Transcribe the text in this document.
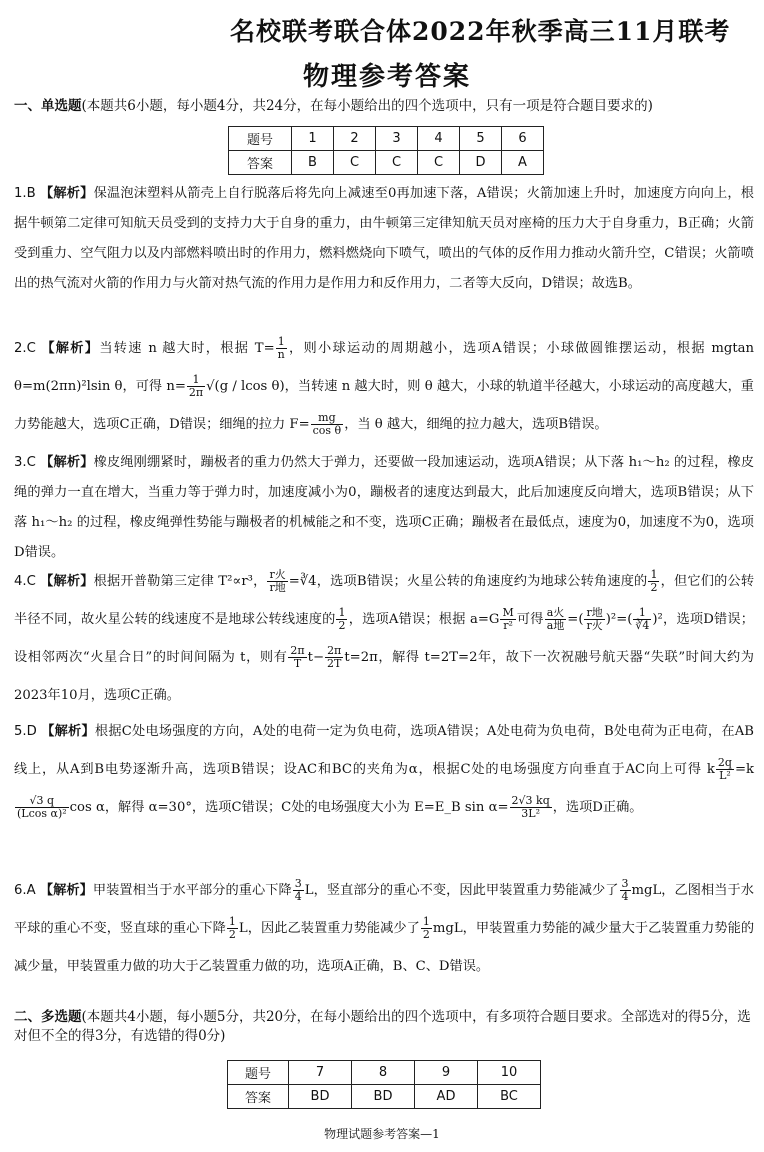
名校联考联合体2022年秋季高三11月联考
物理参考答案
一、单选题(本题共6小题，每小题4分，共24分，在每小题给出的四个选项中，只有一项是符合题目要求的)
题号	1	2	3	4	5	6
答案	B	C	C	C	D	A
1.B 【解析】保温泡沫塑料从箭壳上自行脱落后将先向上减速至0再加速下落，A错误；火箭加速上升时，加速度方向向上，根据牛顿第二定律可知航天员受到的支持力大于自身的重力，由牛顿第三定律知航天员对座椅的压力大于自身重力，B正确；火箭受到重力、空气阻力以及内部燃料喷出时的作用力，燃料燃烧向下喷气，喷出的气体的反作用力推动火箭升空，C错误；火箭喷出的热气流对火箭的作用力与火箭对热气流的作用力是作用力和反作用力，二者等大反向，D错误；故选B。
2.C 【解析】当转速 n 越大时，根据 $T= \frac{1}{n}$ ，则小球运动的周期越小，选项A错误；小球做圆锥摆运动，根据 mgtan θ=m(2πn)²lsin θ，可得 $n= \frac{1}{2\pi} √(g / lcos$ θ)，当转速 n 越大时，则 θ 越大，小球的轨道半径越大，小球运动的高度越大，重力势能越大，选项C正确，D错误；细绳的拉力 $F= \frac{mg}{\text{cos θ}}$ ，当 θ 越大，细绳的拉力越大，选项B错误。
3.C 【解析】橡皮绳刚绷紧时，蹦极者的重力仍然大于弹力，还要做一段加速运动，选项A错误；从下落 h₁～h₂ 的过程，橡皮绳的弹力一直在增大，当重力等于弹力时，加速度减小为0，蹦极者的速度达到最大，此后加速度反向增大，选项B错误；从下落 h₁～h₂ 的过程，橡皮绳弹性势能与蹦极者的机械能之和不变，选项C正确；蹦极者在最低点，速度为0，加速度不为0，选项D错误。
4.C 【解析】根据开普勒第三定律 T²∝r³， $\frac{\text{r火}}{\text{r地}}$ =∛4，选项B错误；火星公转的角速度约为地球公转角速度的 $\frac{1}{2}$ ，但它们的公转半径不同，故火星公转的线速度不是地球公转线速度的 $\frac{1}{2}$ ，选项A错误；根据 $a=G \frac{M}{\text{r²}}$ 可得 $\frac{\text{a火}}{\text{a地}}$ =( $\frac{\text{r地}}{\text{r火}} )^2=( \frac{1}{∛4} )^2$，选项D错误；设相邻两次“火星合日”的时间间隔为 t，则有 $\frac{2\pi}{T} t- \frac{2\pi}{2T} t=2\pi$，解得 t=2T=2年，故下一次祝融号航天器“失联”时间大约为2023年10月，选项C正确。
5.D 【解析】根据C处电场强度的方向，A处的电荷一定为负电荷，选项A错误；A处电荷为负电荷，B处电荷为正电荷，在AB线上，从A到B电势逐渐升高，选项B错误；设AC和BC的夹角为α，根据C处的电场强度方向垂直于AC向上可得 k $\frac{2q}{\text{L²}} =k$
$\frac{√3 q}{\text{(Lcos α)²}}$ cos α，解得 α=30°，选项C错误；C处的电场强度大小为 E=E_B $\sin \alpha= \frac{2√3 kq}{\text{3L²}}$ ，选项D正确。
6.A 【解析】甲装置相当于水平部分的重心下降 $\frac{3}{4}$ L，竖直部分的重心不变，因此甲装置重力势能减少了 $\frac{3}{4}$ mgL，乙图相当于水平球的重心不变，竖直球的重心下降 $\frac{1}{2}$ L，因此乙装置重力势能减少了 $\frac{1}{2}$ mgL，甲装置重力势能的减少量大于乙装置重力势能的减少量，甲装置重力做的功大于乙装置重力做的功，选项A正确，B、C、D错误。
二、多选题(本题共4小题，每小题5分，共20分，在每小题给出的四个选项中，有多项符合题目要求。全部选对的得5分，选对但不全的得3分，有选错的得0分)
题号	7	8	9	10
答案	BD	BD	AD	BC
物理试题参考答案—1
